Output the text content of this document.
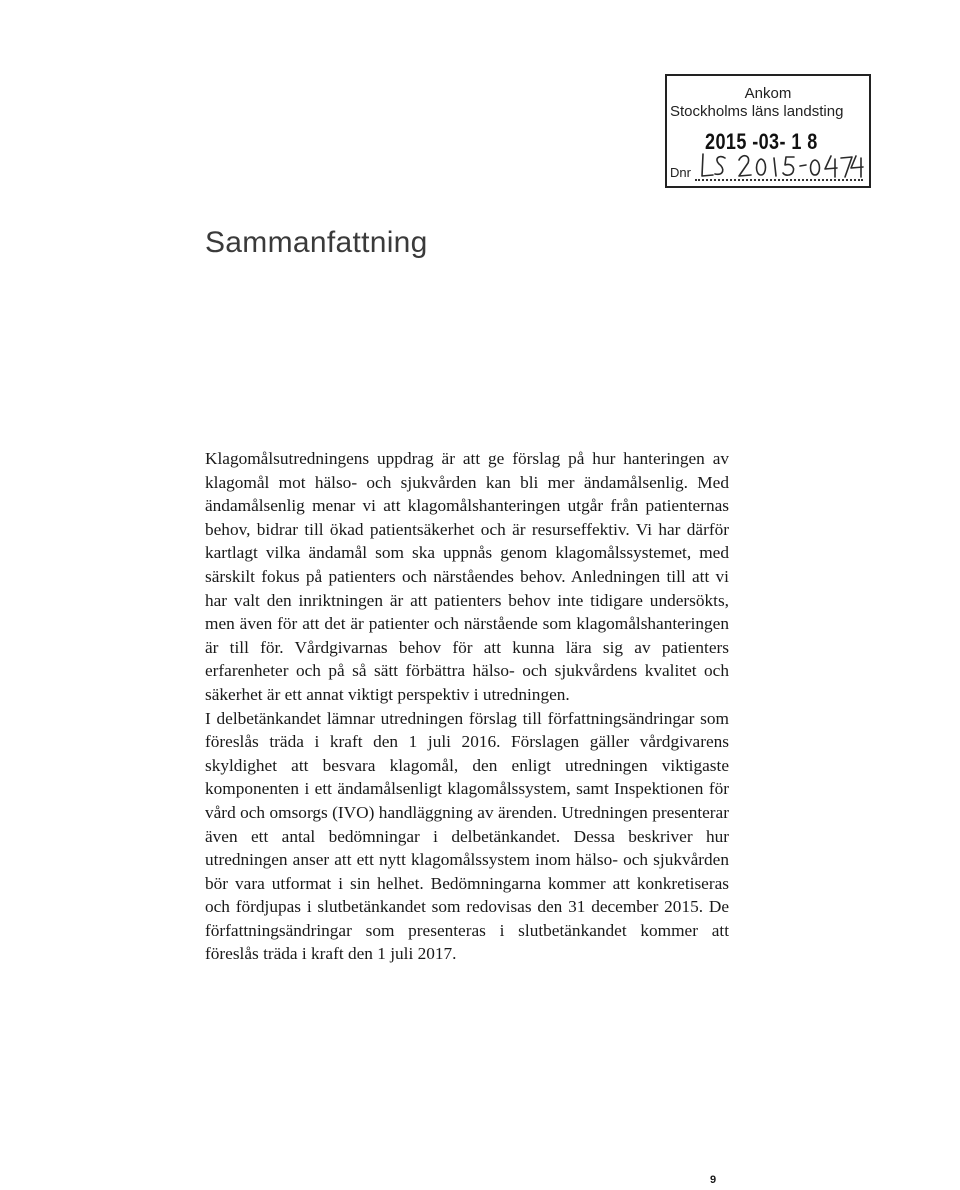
Ankom
Stockholms läns landsting
2015 -03- 1 8
Dnr
Sammanfattning

Klagomålsutredningens uppdrag är att ge förslag på hur hanteringen av klagomål mot hälso- och sjukvården kan bli mer ändamålsenlig. Med ändamålsenlig menar vi att klagomålshanteringen utgår från patienternas behov, bidrar till ökad patientsäkerhet och är resurseffektiv. Vi har därför kartlagt vilka ändamål som ska uppnås genom klagomålssystemet, med särskilt fokus på patienters och närståendes behov. Anledningen till att vi har valt den inriktningen är att patienters behov inte tidigare undersökts, men även för att det är patienter och närstående som klagomålshanteringen är till för. Vårdgivarnas behov för att kunna lära sig av patienters erfarenheter och på så sätt förbättra hälso- och sjukvårdens kvalitet och säkerhet är ett annat viktigt perspektiv i utredningen.

I delbetänkandet lämnar utredningen förslag till författningsändringar som föreslås träda i kraft den 1 juli 2016. Förslagen gäller vårdgivarens skyldighet att besvara klagomål, den enligt utredningen viktigaste komponenten i ett ändamålsenligt klagomålssystem, samt Inspektionen för vård och omsorgs (IVO) handläggning av ärenden. Utredningen presenterar även ett antal bedömningar i delbetänkandet. Dessa beskriver hur utredningen anser att ett nytt klagomålssystem inom hälso- och sjukvården bör vara utformat i sin helhet. Bedömningarna kommer att konkretiseras och fördjupas i slutbetänkandet som redovisas den 31 december 2015. De författningsändringar som presenteras i slutbetänkandet kommer att föreslås träda i kraft den 1 juli 2017.

9
